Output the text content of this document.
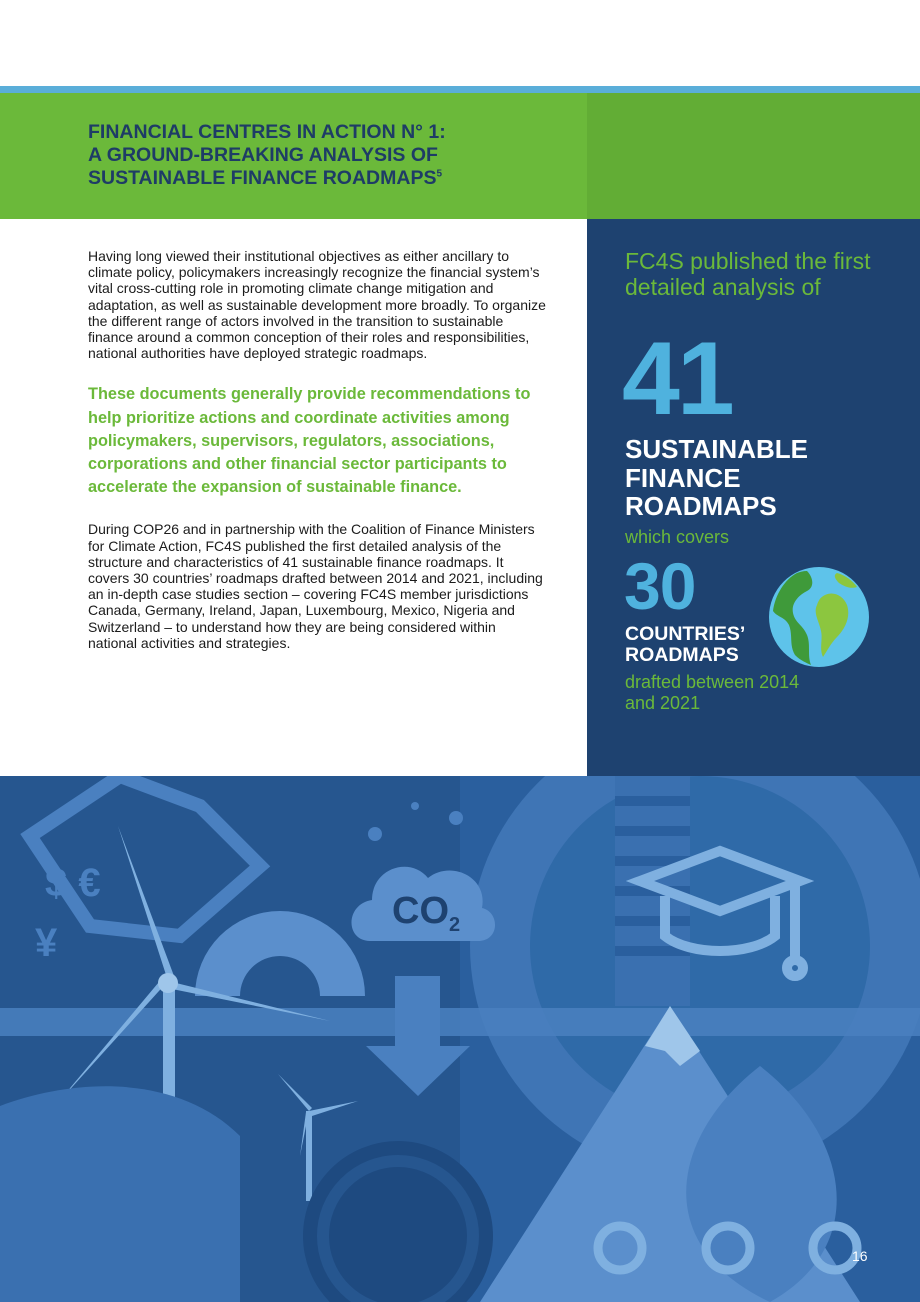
FINANCIAL CENTRES IN ACTION N° 1:
A GROUND-BREAKING ANALYSIS OF
SUSTAINABLE FINANCE ROADMAPS$^5$

Having long viewed their institutional objectives as either ancillary to climate policy, policymakers increasingly recognize the financial system’s vital cross-cutting role in promoting climate change mitigation and adaptation, as well as sustainable development more broadly. To organize the different range of actors involved in the transition to sustainable finance around a common conception of their roles and responsibilities, national authorities have deployed strategic roadmaps.

These documents generally provide recommendations to help prioritize actions and coordinate activities among policymakers, supervisors, regulators, associations, corporations and other financial sector participants to accelerate the expansion of sustainable finance.

During COP26 and in partnership with the Coalition of Finance Ministers for Climate Action, FC4S published the first detailed analysis of the structure and characteristics of 41 sustainable finance roadmaps. It covers 30 countries’ roadmaps drafted between 2014 and 2021, including an in-depth case studies section – covering FC4S member jurisdictions Canada, Germany, Ireland, Japan, Luxembourg, Mexico, Nigeria and Switzerland – to understand how they are being considered within national activities and strategies.

FC4S published the first detailed analysis of

41

SUSTAINABLE FINANCE ROADMAPS

which covers

30

COUNTRIES’ ROADMAPS

drafted between 2014 and 2021

$ €
¥
$CO_2$

16
